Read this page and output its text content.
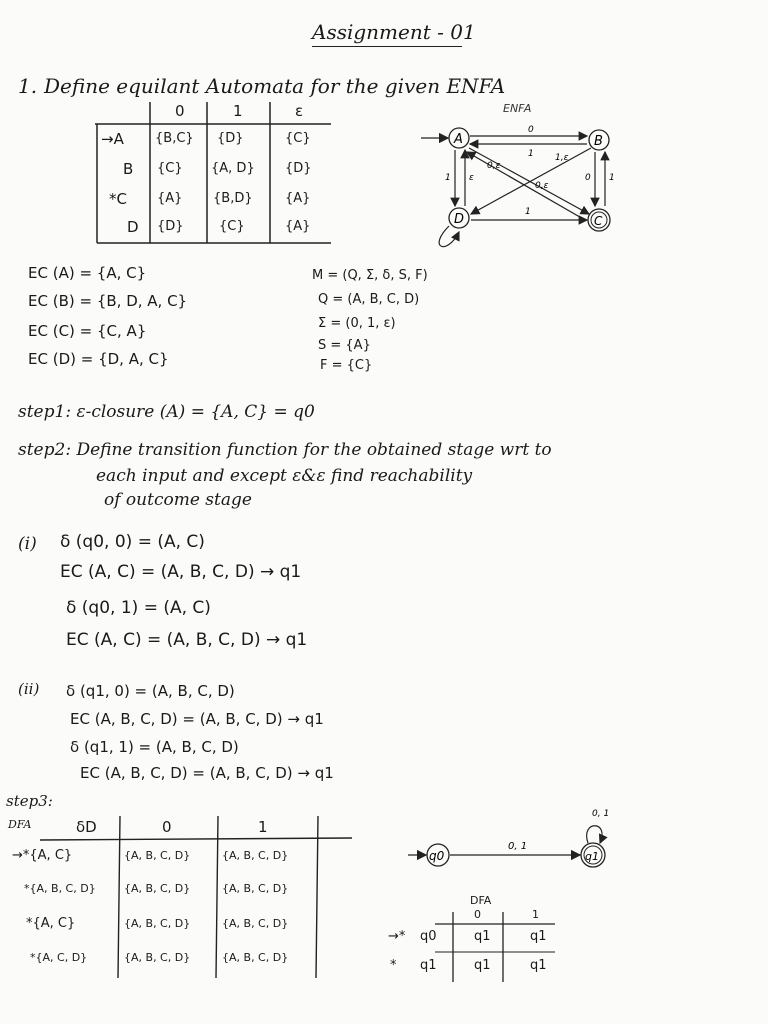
Assignment - 01
1. Define equilant Automata for the given ENFA
0	1	ε
→A {B,C} {D}	{C}
B {C} {A, D} {D}
*C {A} {B,D} {A}
D {D}	{C}	{A}
ENFA
A	B
C
D
0
1
1 ε
1
0 1
0,ε
1,ε
0,ε
EC (A) = {A, C}
EC (B) = {B, D, A, C}
EC (C) = {C, A}
EC (D) = {D, A, C}
M = (Q, Σ, δ, S, F)
Q = (A, B, C, D)
Σ = (0, 1, ε)
S = {A}
F = {C}
step1: ε-closure (A) = {A, C} = q0
step2: Define transition function for the obtained stage wrt to
each input and except ε&ε find reachability
of outcome stage
(i) δ (q0, 0) = (A, C)
EC (A, C) = (A, B, C, D) → q1
δ (q0, 1) = (A, C)
EC (A, C) = (A, B, C, D) → q1
(ii) δ (q1, 0) = (A, B, C, D)
EC (A, B, C, D) = (A, B, C, D) → q1
δ (q1, 1) = (A, B, C, D)
EC (A, B, C, D) = (A, B, C, D) → q1
step3:
DFA	δD	0	1
→*{A, C}	{A, B, C, D}	{A, B, C, D}
*{A, B, C, D}	{A, B, C, D}	{A, B, C, D}
*{A, C}	{A, B, C, D}	{A, B, C, D}
*{A, C, D}	{A, B, C, D}	{A, B, C, D}
q0
0, 1
q1
0, 1
DFA
0	1
→* q0	q1	q1
* q1	q1	q1
